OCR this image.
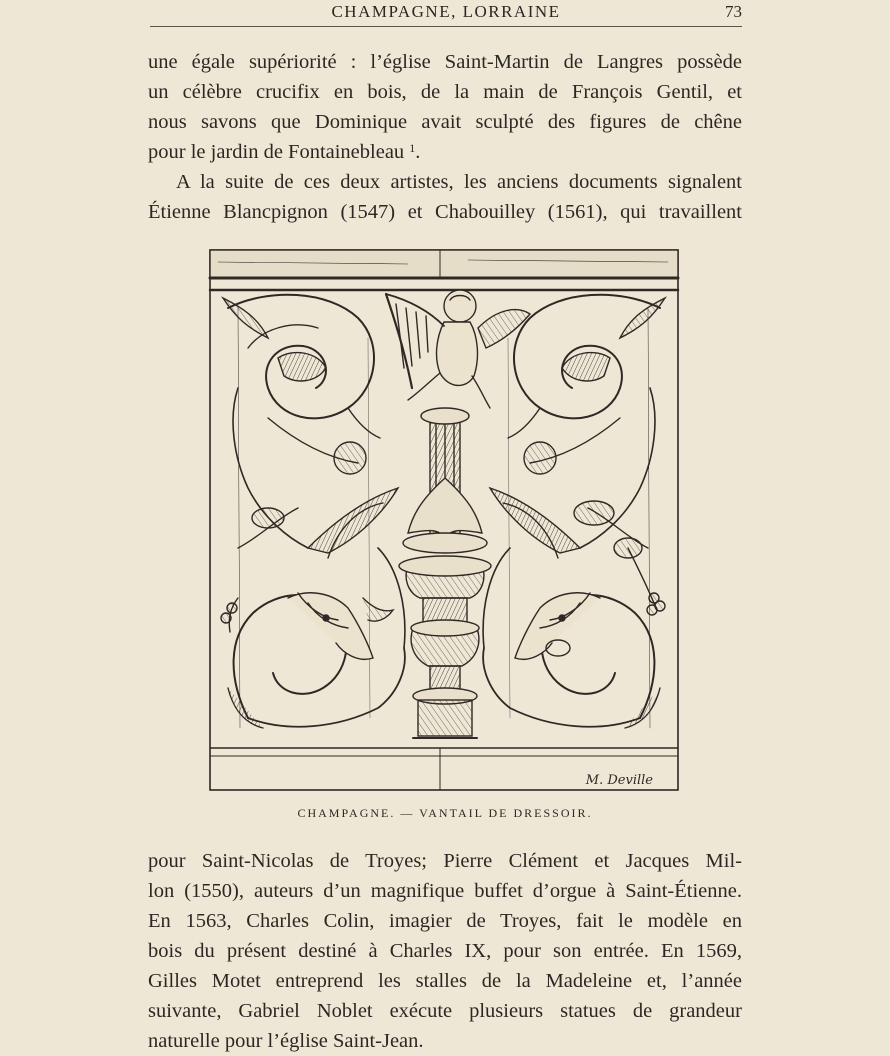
CHAMPAGNE, LORRAINE	73

une égale supériorité : l’église Saint-Martin de Langres possède
un célèbre crucifix en bois, de la main de François Gentil, et
nous savons que Dominique avait sculpté des figures de chêne
pour le jardin de Fontainebleau $^1$.

A la suite de ces deux artistes, les anciens documents signalent
Étienne Blancpignon (1547) et Chabouilley (1561), qui travaillent

M. Deville
CHAMPAGNE. — VANTAIL DE DRESSOIR.

pour Saint-Nicolas de Troyes; Pierre Clément et Jacques Mil-
lon (1550), auteurs d’un magnifique buffet d’orgue à Saint-Étienne.
En 1563, Charles Colin, imagier de Troyes, fait le modèle en
bois du présent destiné à Charles IX, pour son entrée. En 1569,
Gilles Motet entreprend les stalles de la Madeleine et, l’année
suivante, Gabriel Noblet exécute plusieurs statues de grandeur
naturelle pour l’église Saint-Jean.
